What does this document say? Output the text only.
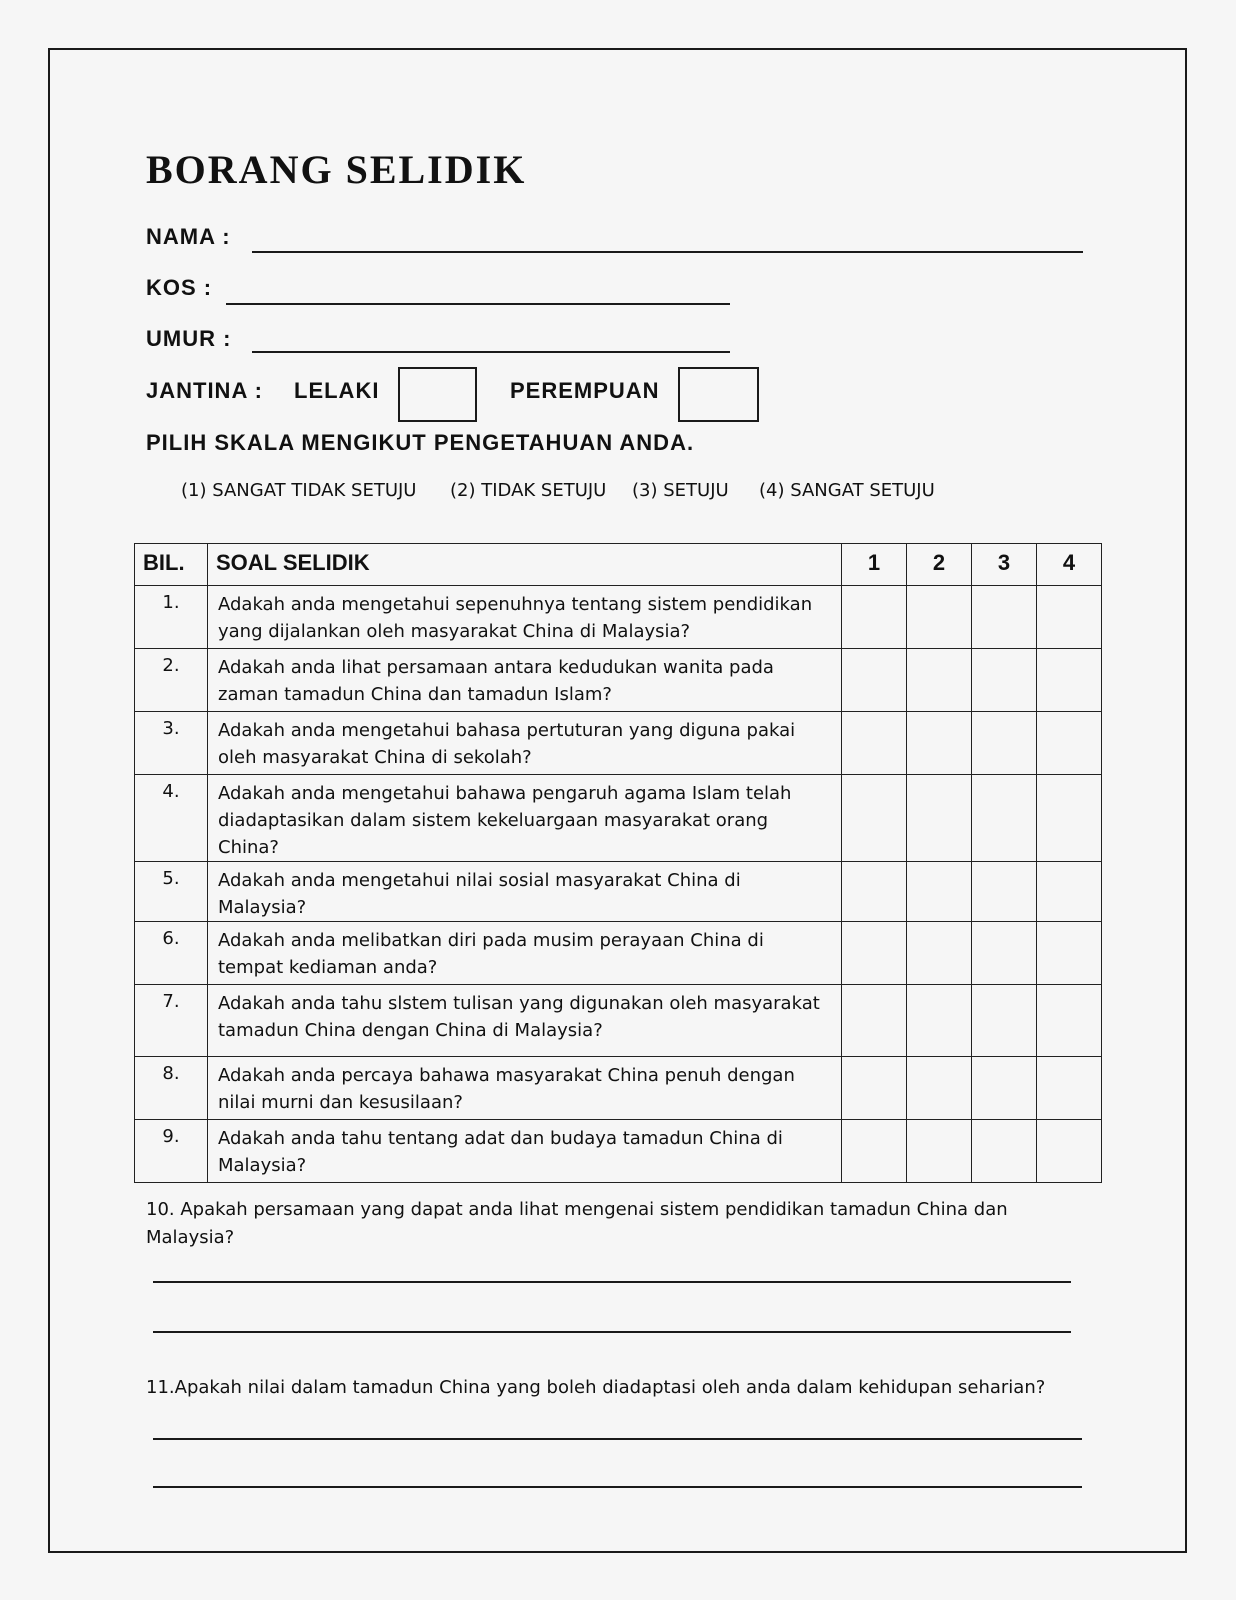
BORANG SELIDIK
NAMA :
KOS :
UMUR :
JANTINA : LELAKI	PEREMPUAN
PILIH SKALA MENGIKUT PENGETAHUAN ANDA.
(1) SANGAT TIDAK SETUJU (2) TIDAK SETUJU (3) SETUJU (4) SANGAT SETUJU
BIL.	SOAL SELIDIK	1	2	3	4
1.	Adakah anda mengetahui sepenuhnya tentang sistem pendidikan yang dijalankan oleh masyarakat China di Malaysia?				
2.	Adakah anda lihat persamaan antara kedudukan wanita pada zaman tamadun China dan tamadun Islam?				
3.	Adakah anda mengetahui bahasa pertuturan yang diguna pakai oleh masyarakat China di sekolah?				
4.	Adakah anda mengetahui bahawa pengaruh agama Islam telah diadaptasikan dalam sistem kekeluargaan masyarakat orang China?				
5.	Adakah anda mengetahui nilai sosial masyarakat China di Malaysia?				
6.	Adakah anda melibatkan diri pada musim perayaan China di tempat kediaman anda?				
7.	Adakah anda tahu slstem tulisan yang digunakan oleh masyarakat tamadun China dengan China di Malaysia?				
8.	Adakah anda percaya bahawa masyarakat China penuh dengan nilai murni dan kesusilaan?				
9.	Adakah anda tahu tentang adat dan budaya tamadun China di Malaysia?				
10. Apakah persamaan yang dapat anda lihat mengenai sistem pendidikan tamadun China dan Malaysia?
11.Apakah nilai dalam tamadun China yang boleh diadaptasi oleh anda dalam kehidupan seharian?
